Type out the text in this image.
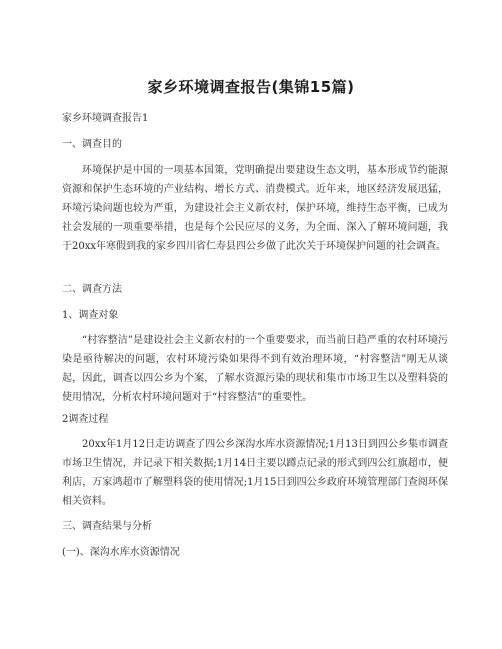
家乡环境调查报告(集锦15篇)

家乡环境调查报告1

一、调查目的

环境保护是中国的一项基本国策，党明确提出要建设生态文明，基本形成节约能源资源和保护生态环境的产业结构、增长方式、消费模式。近年来，地区经济发展迅猛，环境污染问题也较为严重，为建设社会主义新农村，保护环境，维持生态平衡，已成为社会发展的一项重要举措，也是每个公民应尽的义务，为全面、深入了解环境问题，我于20xx年寒假到我的家乡四川省仁寿县四公乡做了此次关于环境保护问题的社会调查。

二、调查方法

1、调查对象

“村容整洁”是建设社会主义新农村的一个重要要求，而当前日趋严重的农村环境污染是亟待解决的问题，农村环境污染如果得不到有效治理环境，“村容整洁”刚无从谈起，因此，调查以四公乡为个案，了解水资源污染的现状和集市市场卫生以及塑料袋的使用情况，分析农村环境问题对于“村容整洁”的重要性。

2调查过程

20xx年1月12日走访调查了四公乡深沟水库水资源情况;1月13日到四公乡集市调查市场卫生情况，并记录下相关数据;1月14日主要以蹲点记录的形式到四公红旗超市，便利店，万家鸿超市了解塑料袋的使用情况;1月15日到四公乡政府环境管理部门查阅环保相关资料。

三、调查结果与分析

(一)、深沟水库水资源情况
